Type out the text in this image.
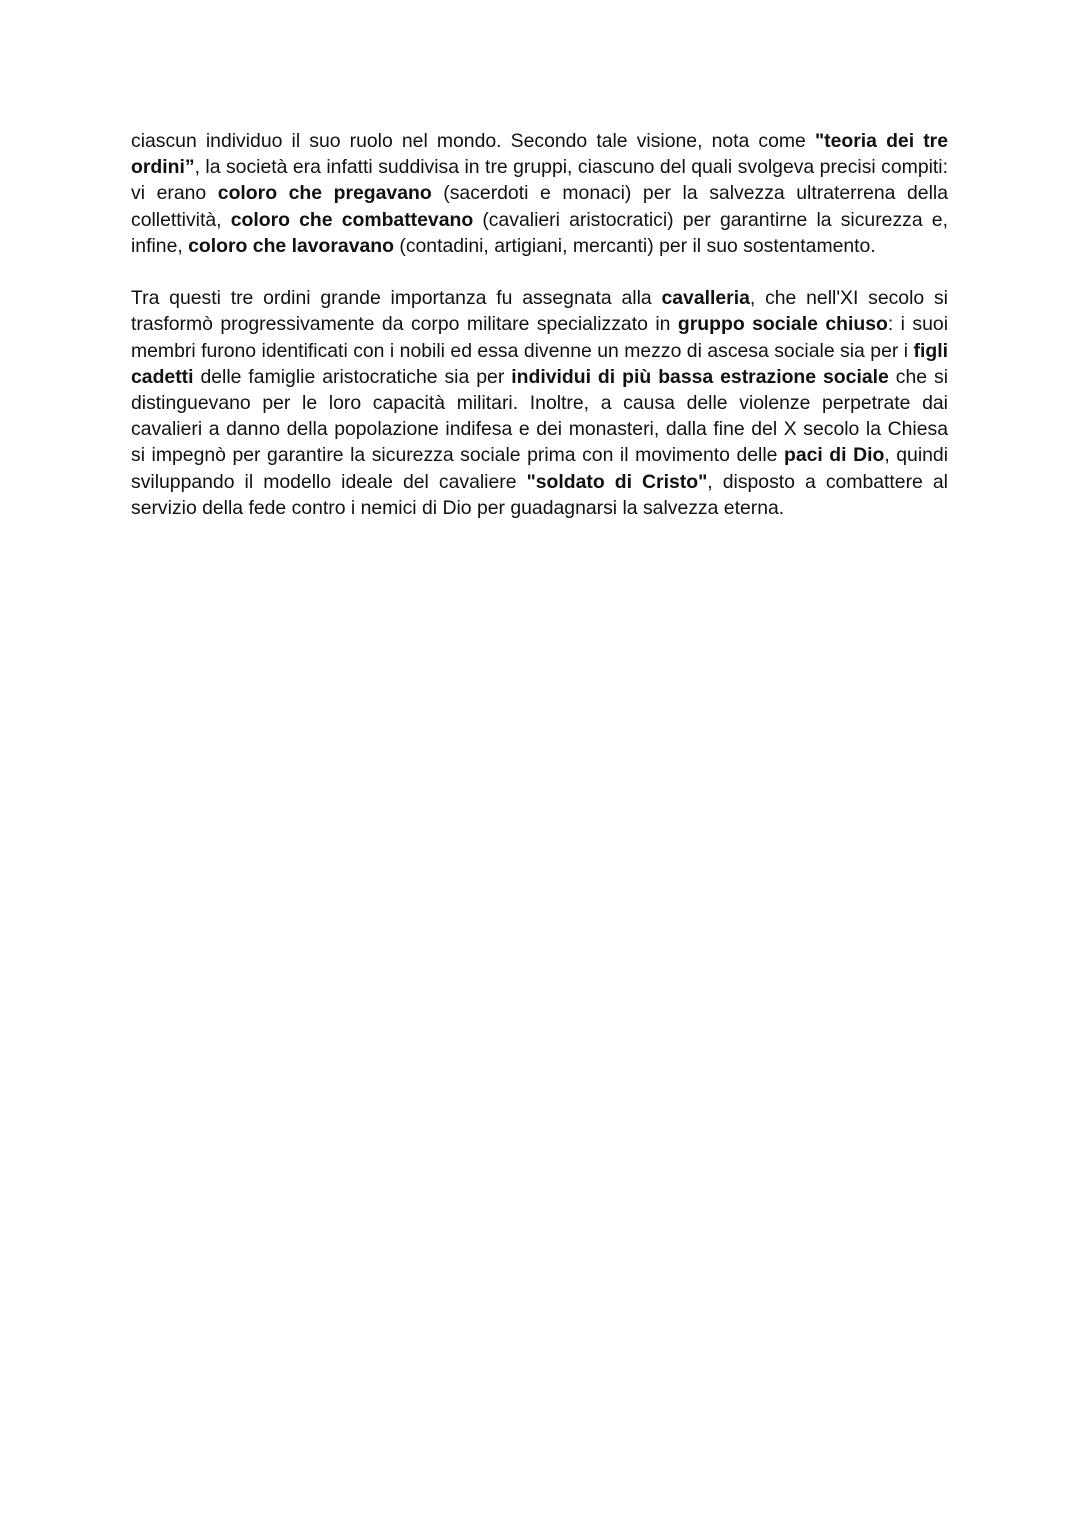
ciascun individuo il suo ruolo nel mondo. Secondo tale visione, nota come "teoria dei tre ordini”, la società era infatti suddivisa in tre gruppi, ciascuno del quali svolgeva precisi compiti: vi erano coloro che pregavano (sacerdoti e monaci) per la salvezza ultraterrena della collettività, coloro che combattevano (cavalieri aristocratici) per garantirne la sicurezza e, infine, coloro che lavoravano (contadini, artigiani, mercanti) per il suo sostentamento.

Tra questi tre ordini grande importanza fu assegnata alla cavalleria, che nell'XI secolo si trasformò progressivamente da corpo militare specializzato in gruppo sociale chiuso: i suoi membri furono identificati con i nobili ed essa divenne un mezzo di ascesa sociale sia per i figli cadetti delle famiglie aristocratiche sia per individui di più bassa estrazione sociale che si distinguevano per le loro capacità militari. Inoltre, a causa delle violenze perpetrate dai cavalieri a danno della popolazione indifesa e dei monasteri, dalla fine del X secolo la Chiesa si impegnò per garantire la sicurezza sociale prima con il movimento delle paci di Dio, quindi sviluppando il modello ideale del cavaliere "soldato di Cristo", disposto a combattere al servizio della fede contro i nemici di Dio per guadagnarsi la salvezza eterna.
